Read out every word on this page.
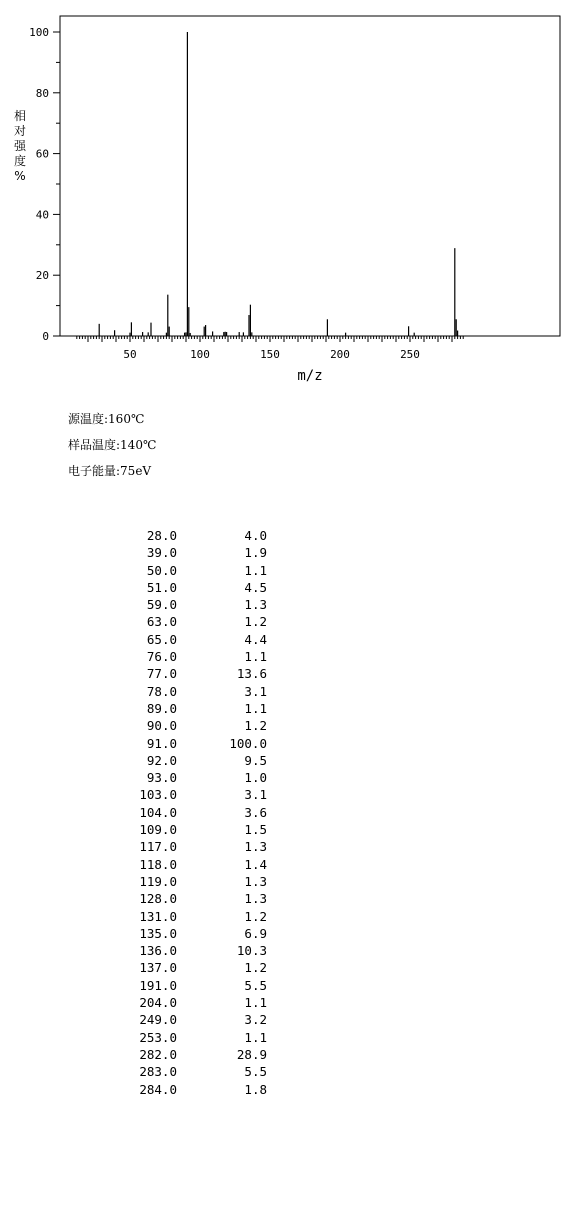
0
20
40
60
80
100
50	100	150	200	250
m/z
相对强度%
源温度:160℃
样品温度:140℃
电子能量:75eV
28.0	4.0
39.0	1.9
50.0	1.1
51.0	4.5
59.0	1.3
63.0	1.2
65.0	4.4
76.0	1.1
77.0	13.6
78.0	3.1
89.0	1.1
90.0	1.2
91.0	100.0
92.0	9.5
93.0	1.0
103.0	3.1
104.0	3.6
109.0	1.5
117.0	1.3
118.0	1.4
119.0	1.3
128.0	1.3
131.0	1.2
135.0	6.9
136.0	10.3
137.0	1.2
191.0	5.5
204.0	1.1
249.0	3.2
253.0	1.1
282.0	28.9
283.0	5.5
284.0	1.8
